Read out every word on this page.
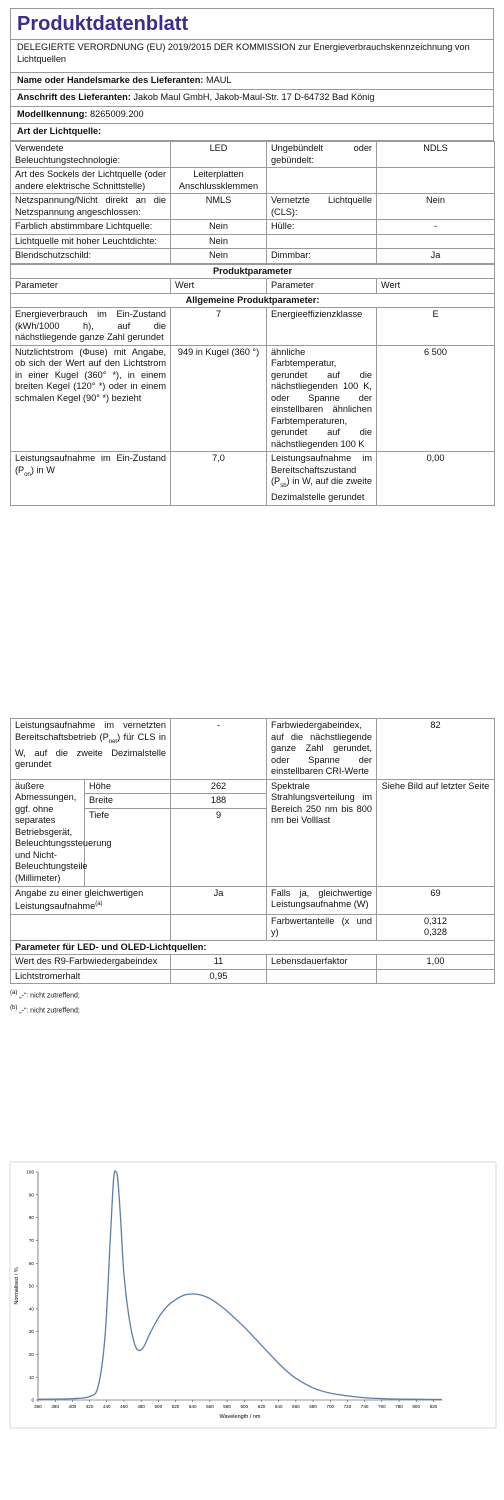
Produktdatenblatt
DELEGIERTE VERORDNUNG (EU) 2019/2015 DER KOMMISSION zur Energieverbrauchskennzeichnung von Lichtquellen
Name oder Handelsmarke des Lieferanten: MAUL
Anschrift des Lieferanten: Jakob Maul GmbH, Jakob-Maul-Str. 17 D-64732 Bad König
Modellkennung: 8265009.200
Art der Lichtquelle:
Verwendete Beleuchtungstechnologie:	LED	Ungebündelt oder gebündelt:	NDLS
Art des Sockels der Lichtquelle (oder andere elektrische Schnittstelle)	Leiterplatten Anschlussklemmen		
Netzspannung/Nicht direkt an die Netzspannung angeschlossen:	NMLS	Vernetzte Lichtquelle (CLS):	Nein
Farblich abstimmbare Lichtquelle:	Nein	Hülle:	-
Lichtquelle mit hoher Leuchtdichte:	Nein		
Blendschutzschild:	Nein	Dimmbar:	Ja
Produktparameter			
Parameter	Wert	Parameter	Wert
Allgemeine Produktparameter:			
Energieverbrauch im Ein-Zustand (kWh/1000 h), auf die nächstliegende ganze Zahl gerundet	7	Energieeffizienzklasse	E
Nutzlichtstrom (Φuse) mit Angabe, ob sich der Wert auf den Lichtstrom in einer Kugel (360° *), in einem breiten Kegel (120° *) oder in einem schmalen Kegel (90° *) bezieht	949 in Kugel (360 °)	ähnliche Farbtemperatur, gerundet auf die nächstliegenden 100 K, oder Spanne der einstellbaren ähnlichen Farbtemperaturen, gerundet auf die nächstliegenden 100 K	6 500
Leistungsaufnahme im Ein-Zustand $(P_{on})$ in W	7,0	Leistungsaufnahme im Bereitschaftszustand $(P_{sb})$ in W, auf die zweite Dezimalstelle gerundet	0,00
Leistungsaufnahme im vernetzten Bereitschaftsbetrieb $(P_{net})$ für CLS in W, auf die zweite Dezimalstelle gerundet		-	Farbwiedergabeindex, auf die nächstliegende ganze Zahl gerundet, oder Spanne der einstellbaren CRI-Werte	82
äußere Abmessungen, ggf. ohne separates Betriebsgerät, Beleuchtungssteuerung und Nicht-Beleuchtungsteile (Millimeter)	Höhe	262	Spektrale Strahlungsverteilung im Bereich 250 nm bis 800 nm bei Volllast	Siehe Bild auf letzter Seite
	Breite	188		
	Tiefe	9		
Angabe zu einer gleichwertigen Leistungsaufnahme$^{(a)}$		Ja	Falls ja, gleichwertige Leistungsaufnahme (W)	69
			Farbwertanteile (x und y)	0,312
0,328

Parameter für LED- und OLED-Lichtquellen:				
Wert des R9-Farbwiedergabeindex		11	Lebensdauerfaktor	1,00
Lichtstromerhalt		0,95		
$^{(a)}$ „-“: nicht zutreffend;
$^{(b)}$ „-“: nicht zutreffend;
360 380 400 420 440 460 480 500 520 540 560 580 600 620 640 660 680 700 720 740 760 780 800 820
0
10
20
30
40
50
60
70
80
90
100
Wavelength / nm
Normalised / %
